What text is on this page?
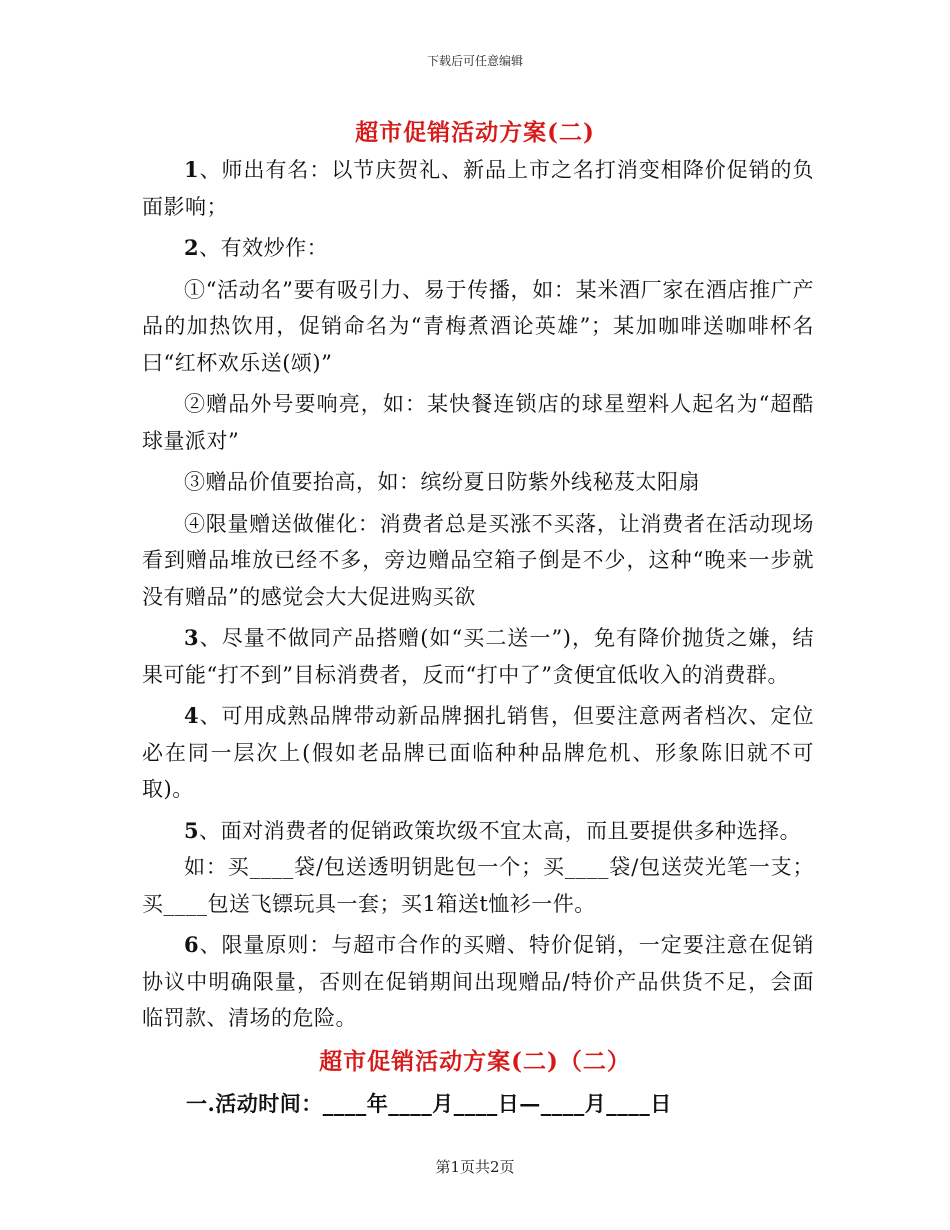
下载后可任意编辑
超市促销活动方案(二)

1、师出有名：以节庆贺礼、新品上市之名打消变相降价促销的负面影响；

2、有效炒作：

①“活动名”要有吸引力、易于传播，如：某米酒厂家在酒店推广产品的加热饮用，促销命名为“青梅煮酒论英雄”；某加咖啡送咖啡杯名曰“红杯欢乐送(颂)”

②赠品外号要响亮，如：某快餐连锁店的球星塑料人起名为“超酷球量派对”

③赠品价值要抬高，如：缤纷夏日防紫外线秘芨太阳扇

④限量赠送做催化：消费者总是买涨不买落，让消费者在活动现场看到赠品堆放已经不多，旁边赠品空箱子倒是不少，这种“晚来一步就没有赠品”的感觉会大大促进购买欲

3、尽量不做同产品搭赠(如“买二送一”)，免有降价抛货之嫌，结果可能“打不到”目标消费者，反而“打中了”贪便宜低收入的消费群。

4、可用成熟品牌带动新品牌捆扎销售，但要注意两者档次、定位必在同一层次上(假如老品牌已面临种种品牌危机、形象陈旧就不可取)。

5、面对消费者的促销政策坎级不宜太高，而且要提供多种选择。

如：买____袋/包送透明钥匙包一个；买____袋/包送荧光笔一支；买____包送飞镖玩具一套；买1箱送t恤衫一件。

6、限量原则：与超市合作的买赠、特价促销，一定要注意在促销协议中明确限量，否则在促销期间出现赠品/特价产品供货不足，会面临罚款、清场的危险。

超市促销活动方案(二)（二）
一.活动时间：____年____月____日—____月____日
第1页共2页
